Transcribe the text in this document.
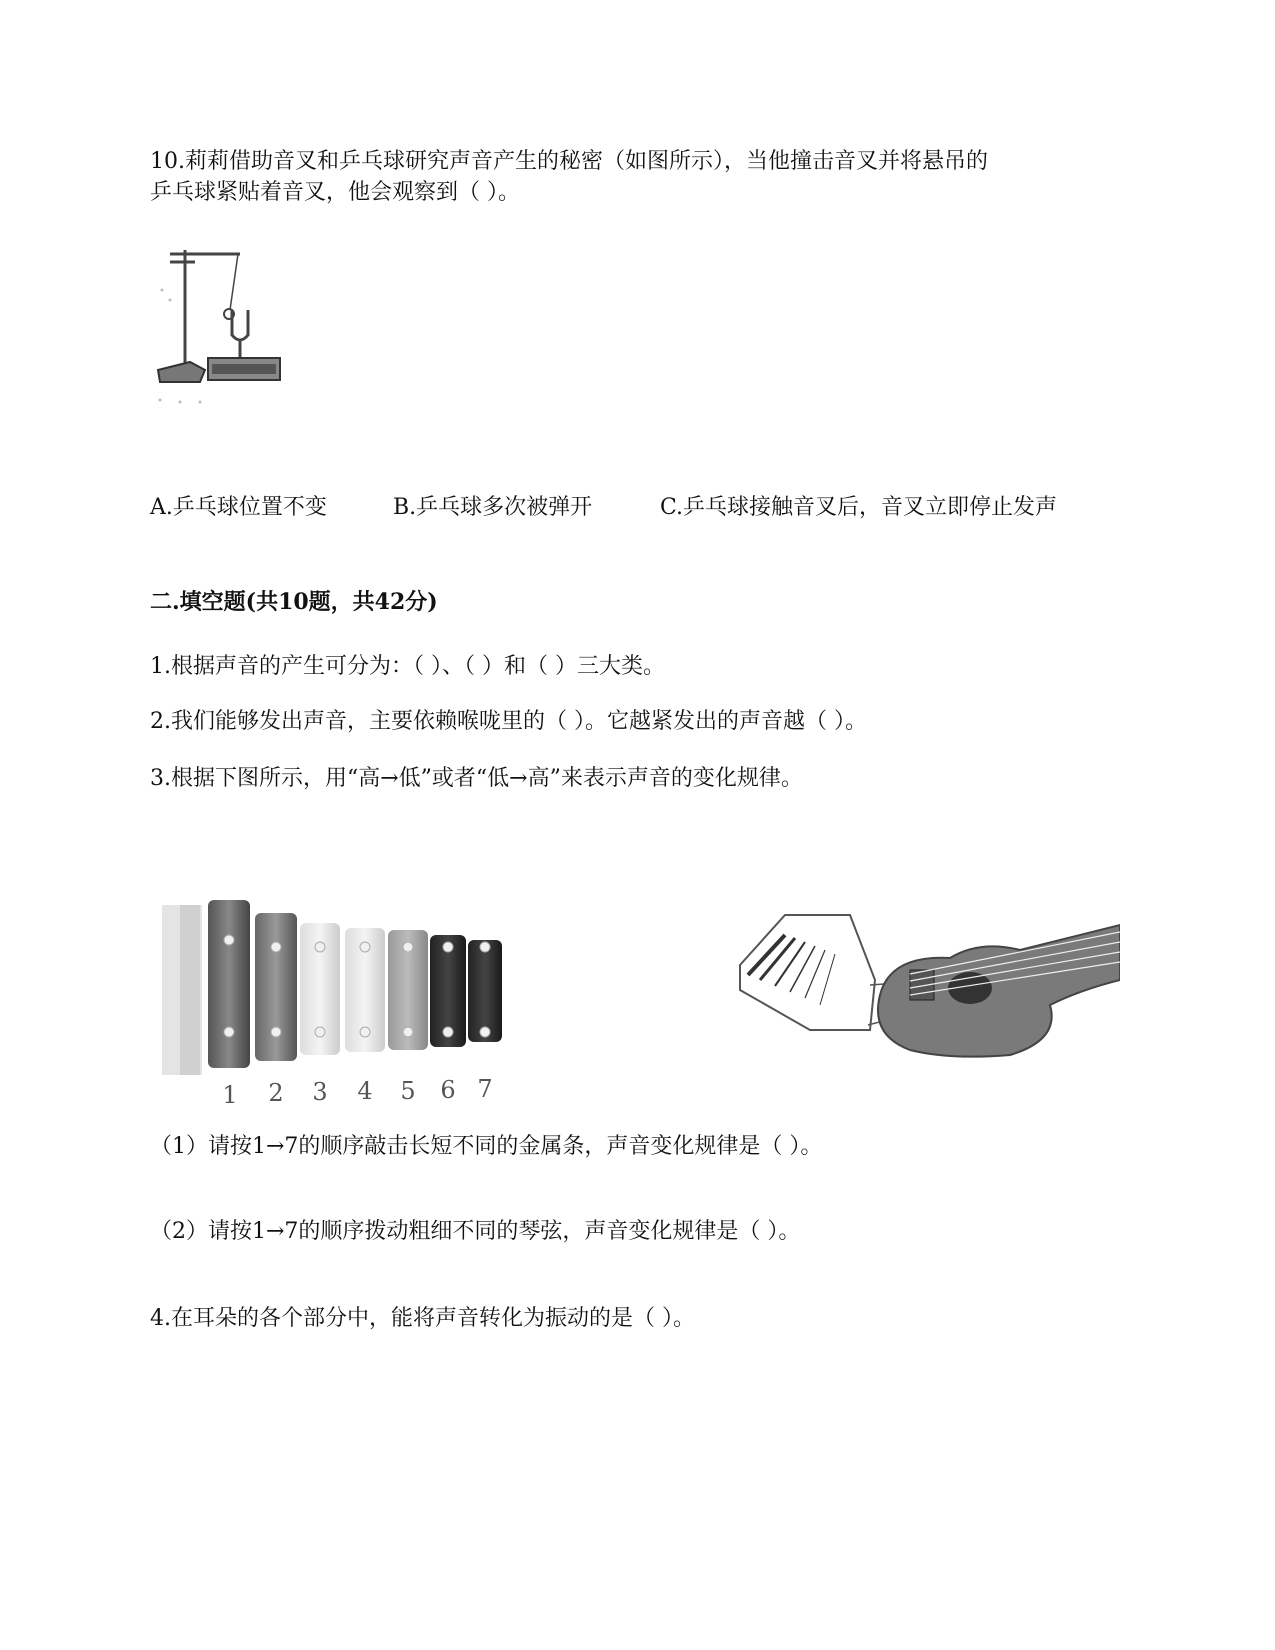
10.莉莉借助音叉和乒乓球研究声音产生的秘密（如图所示），当他撞击音叉并将悬吊的
乒乓球紧贴着音叉，他会观察到（ ）。
A.乒乓球位置不变	B.乒乓球多次被弹开	C.乒乓球接触音叉后，音叉立即停止发声
二.填空题(共10题，共42分)
1.根据声音的产生可分为：（ ）、（ ）和（ ）三大类。
2.我们能够发出声音，主要依赖喉咙里的（ ）。它越紧发出的声音越（ ）。
3.根据下图所示，用“高→低”或者“低→高”来表示声音的变化规律。
1 2 3 4 5 6 7
（1）请按1→7的顺序敲击长短不同的金属条，声音变化规律是（ ）。
（2）请按1→7的顺序拨动粗细不同的琴弦，声音变化规律是（ ）。
4.在耳朵的各个部分中，能将声音转化为振动的是（ ）。
